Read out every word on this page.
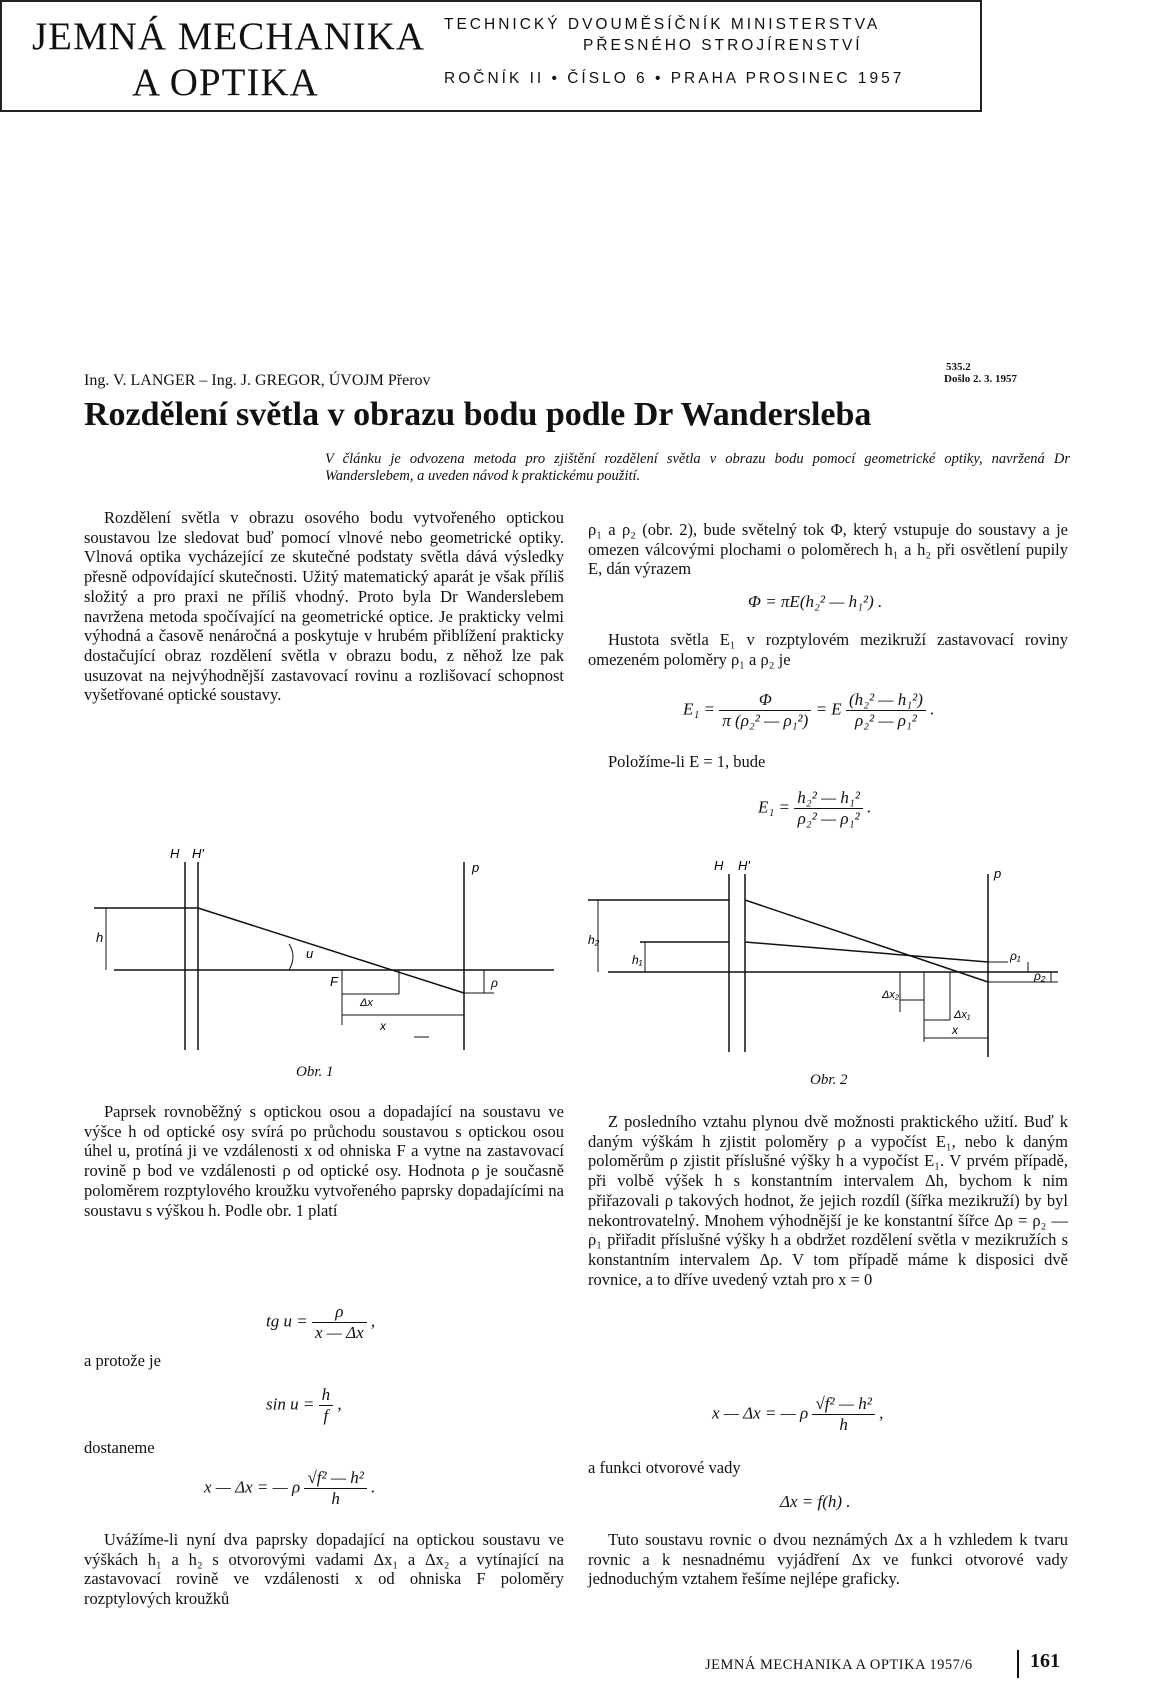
JEMNÁ MECHANIKA
A OPTIKA
TECHNICKÝ DVOUMĚSÍČNÍK MINISTERSTVA
PŘESNÉHO STROJÍRENSTVÍ
ROČNÍK II • ČÍSLO 6 • PRAHA PROSINEC 1957
Ing. V. LANGER – Ing. J. GREGOR, ÚVOJM Přerov
535.2
Došlo 2. 3. 1957
Rozdělení světla v obrazu bodu podle Dr Wandersleba
V článku je odvozena metoda pro zjištění rozdělení světla v obrazu bodu pomocí geometrické optiky, navržená Dr Wanderslebem, a uveden návod k praktickému použití.

Rozdělení světla v obrazu osového bodu vytvořeného optickou soustavou lze sledovat buď pomocí vlnové nebo geometrické optiky. Vlnová optika vycházející ze skutečné podstaty světla dává výsledky přesně odpovídající skutečnosti. Užitý matematický aparát je však příliš složitý a pro praxi ne příliš vhodný. Proto byla Dr Wanderslebem navržena metoda spočívající na geometrické optice. Je prakticky velmi výhodná a časově nenáročná a poskytuje v hrubém přiblížení prakticky dostačující obraz rozdělení světla v obrazu bodu, z něhož lze pak usuzovat na nejvýhodnější zastavovací rovinu a rozlišovací schopnost vyšetřované optické soustavy.

H H'
p
h
u
F
Δx
x
ρ
Obr. 1

Paprsek rovnoběžný s optickou osou a dopadající na soustavu ve výšce h od optické osy svírá po průchodu soustavou s optickou osou úhel u, protíná ji ve vzdálenosti x od ohniska F a vytne na zastavovací rovině p bod ve vzdálenosti ρ od optické osy. Hodnota ρ je současně poloměrem rozptylového kroužku vytvořeného paprsky dopadajícími na soustavu s výškou h. Podle obr. 1 platí

tg $u = \frac{\rho}{x — \Delta x}$ ,
a protože je
$\sin u = \frac{h}{f}$ ,
dostaneme
x — Δx = — ρ $\frac{\text{√f² — h²}}{h}$ .

Uvážíme-li nyní dva paprsky dopadající na optickou soustavu ve výškách h₁ a h₂ s otvorovými vadami Δx₁ a Δx₂ a vytínající na zastavovací rovině ve vzdálenosti x od ohniska F poloměry rozptylových kroužků

ρ₁ a ρ₂ (obr. 2), bude světelný tok Φ, který vstupuje do soustavy a je omezen válcovými plochami o poloměrech h₁ a h₂ při osvětlení pupily E, dán výrazem

Φ = πE(h₂² — h₁²) .

Hustota světla E₁ v rozptylovém mezikruží zastavovací roviny omezeném poloměry ρ₁ a ρ₂ je

$E_1 = \frac{\Phi}{\text{π (ρ₂² — ρ₁²)}} = E \frac{\text{(h₂² — h₁²)}}{\text{ρ₂² — ρ₁²}}$ .
Položíme-li E = 1, bude
$E_1 = \frac{\text{h₂² — h₁²}}{\text{ρ₂² — ρ₁²}}$ .
H H'
p
h₂
h₁	ρ₁
ρ₂
Δx₂
Δx₁
x
Obr. 2

Z posledního vztahu plynou dvě možnosti praktického užití. Buď k daným výškám h zjistit poloměry ρ a vypočíst E₁, nebo k daným poloměrům ρ zjistit příslušné výšky h a vypočíst E₁. V prvém případě, při volbě výšek h s konstantním intervalem Δh, bychom k nim přiřazovali ρ takových hodnot, že jejich rozdíl (šířka mezikruží) by byl nekontrovatelný. Mnohem výhodnější je ke konstantní šířce Δρ = ρ₂ — ρ₁ přiřadit příslušné výšky h a obdržet rozdělení světla v mezikružích s konstantním intervalem Δρ. V tom případě máme k disposici dvě rovnice, a to dříve uvedený vztah pro x = 0

x — Δx = — ρ $\frac{\text{√f² — h²}}{h}$ ,
a funkci otvorové vady
Δx = f(h) .

Tuto soustavu rovnic o dvou neznámých Δx a h vzhledem k tvaru rovnic a k nesnadnému vyjádření Δx ve funkci otvorové vady jednoduchým vztahem řešíme nejlépe graficky.

JEMNÁ MECHANIKA A OPTIKA 1957/6	161
